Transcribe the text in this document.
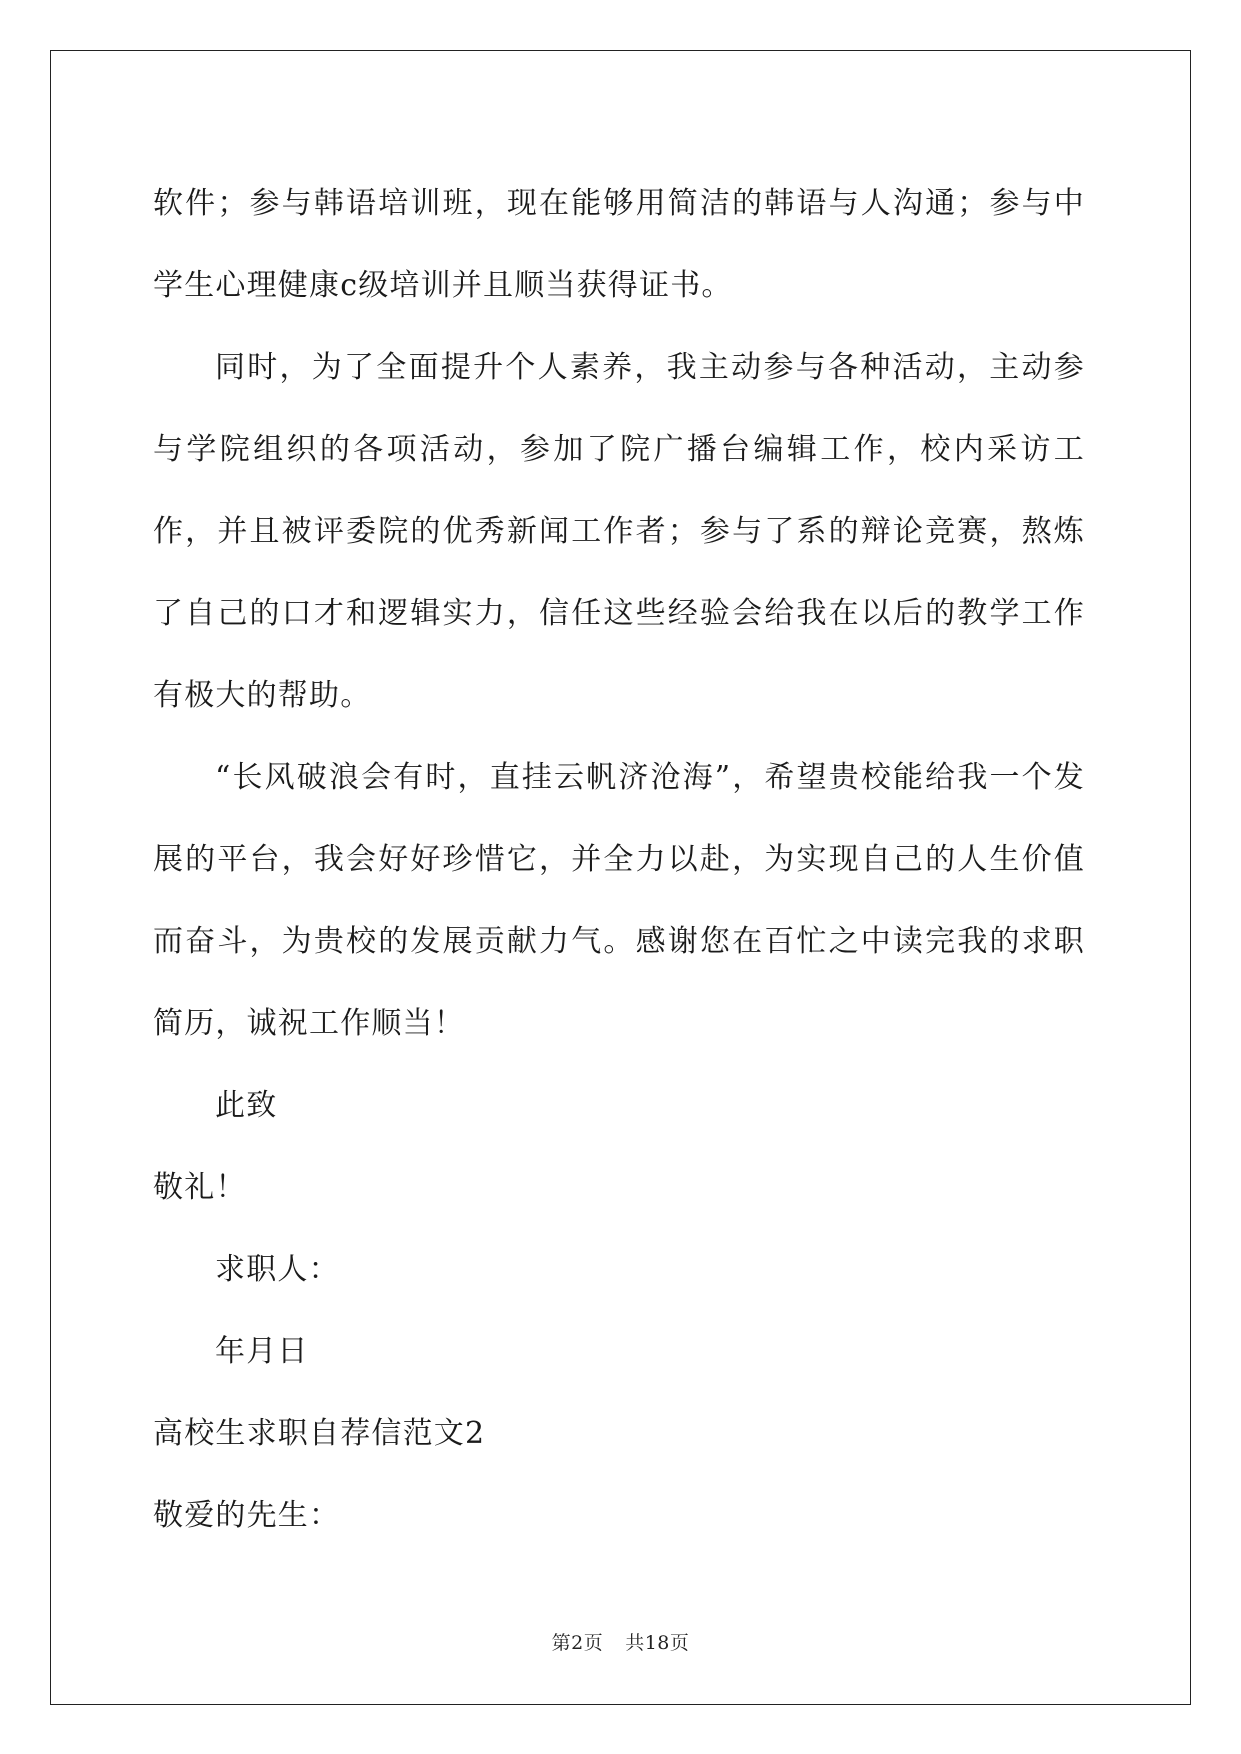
软件；参与韩语培训班，现在能够用简洁的韩语与人沟通；参与中学生心理健康c级培训并且顺当获得证书。

同时，为了全面提升个人素养，我主动参与各种活动，主动参与学院组织的各项活动，参加了院广播台编辑工作，校内采访工作，并且被评委院的优秀新闻工作者；参与了系的辩论竞赛，熬炼了自己的口才和逻辑实力，信任这些经验会给我在以后的教学工作有极大的帮助。

“长风破浪会有时，直挂云帆济沧海”，希望贵校能给我一个发展的平台，我会好好珍惜它，并全力以赴，为实现自己的人生价值而奋斗，为贵校的发展贡献力气。感谢您在百忙之中读完我的求职简历，诚祝工作顺当！

此致

敬礼！

求职人：

年月日

高校生求职自荐信范文2

敬爱的先生：

第2页 共18页
